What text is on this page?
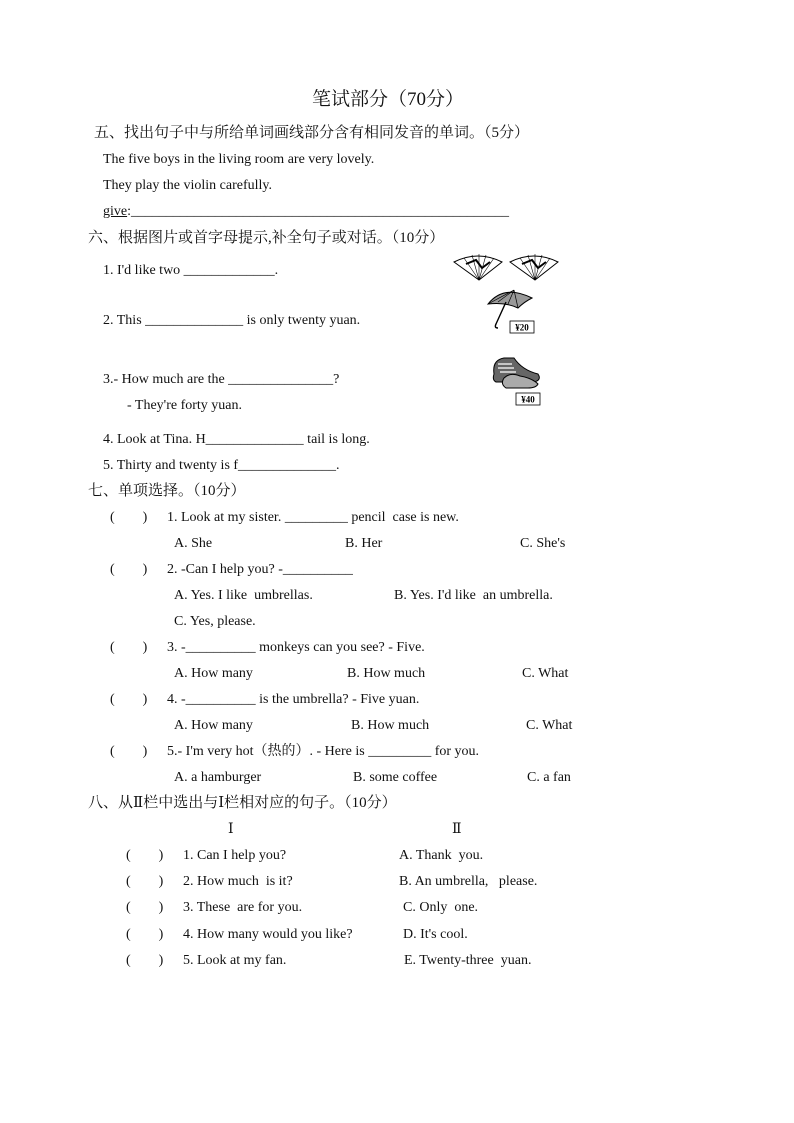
笔试部分（70分）
五、找出句子中与所给单词画线部分含有相同发音的单词。（5分）
The five boys in the living room are very lovely.
They play the violin carefully.
give:______________________________________________________
六、根据图片或首字母提示,补全句子或对话。（10分）
1. I'd like two _____________.
2. This ______________ is only twenty yuan.
3.- How much are the _______________?
- They're forty yuan.
4. Look at Tina. H______________ tail is long.
5. Thirty and twenty is f______________.
¥20
¥40
七、单项选择。（10分）
(        ) 1. Look at my sister. _________ pencil  case is new.
A. She	B. Her	C. She's
(        ) 2. -Can I help you? -__________
A. Yes. I like  umbrellas.	B. Yes. I'd like  an umbrella.
C. Yes, please.
(        ) 3. -__________ monkeys can you see? - Five.
A. How many	B. How much	C. What
(        ) 4. -__________ is the umbrella? - Five yuan.
A. How many	B. How much	C. What
(        ) 5.- I'm very hot（热的）. - Here is _________ for you.
A. a hamburger	B. some coffee	C. a fan
八、从Ⅱ栏中选出与Ⅰ栏相对应的句子。（10分）
Ⅰ	Ⅱ
(        ) 1. Can I help you?	A. Thank  you.
(        ) 2. How much  is it?	B. An umbrella,   please.
(        ) 3. These  are for you.	C. Only  one.
(        ) 4. How many would you like?	D. It's cool.
(        ) 5. Look at my fan.	E. Twenty-three  yuan.
